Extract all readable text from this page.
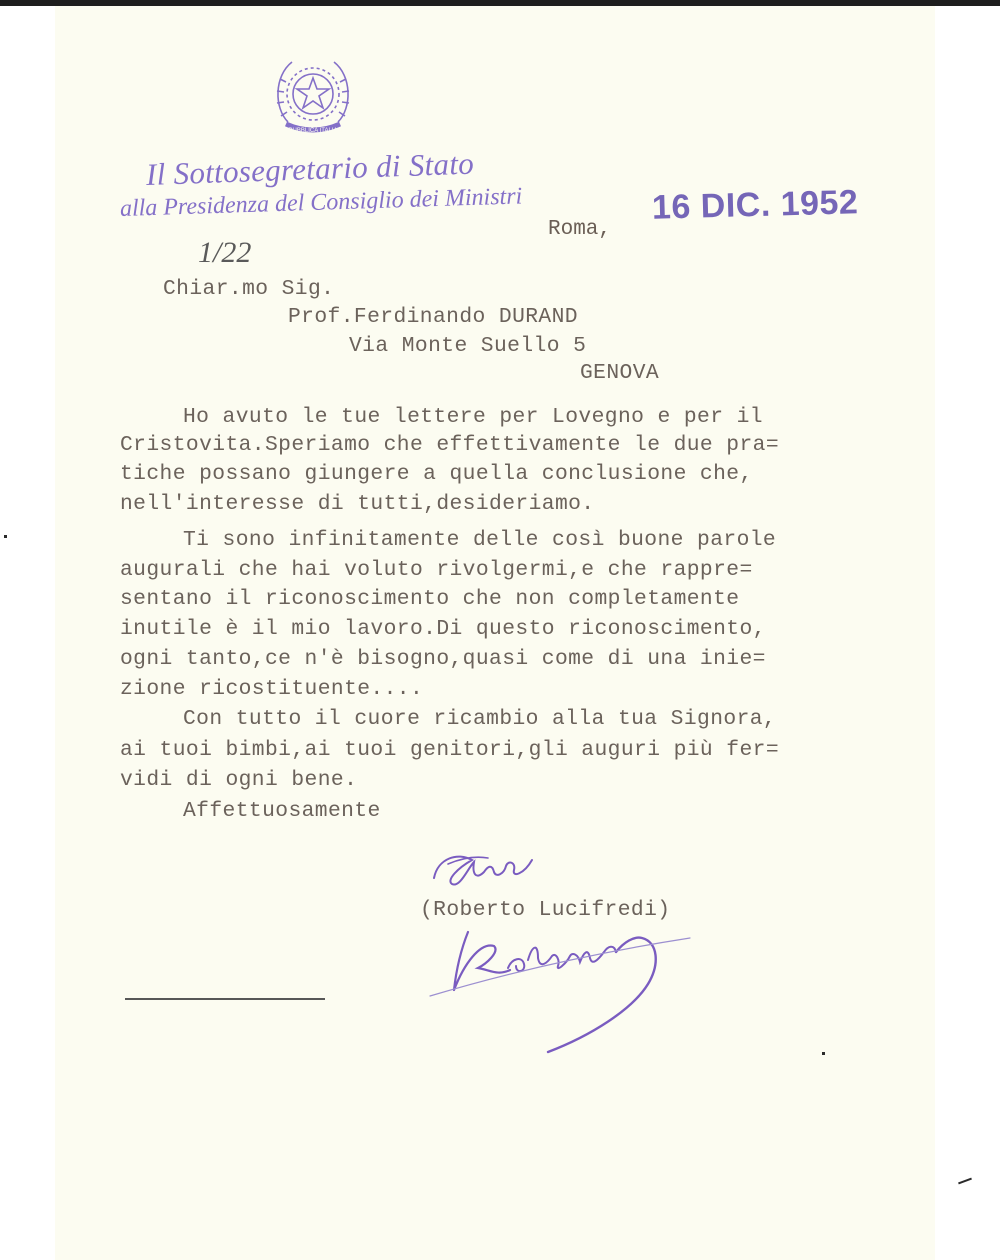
REPUBBLICA ITALIANA
Il Sottosegretario di Stato
alla Presidenza del Consiglio dei Ministri
1/22
Roma,
16 DIC. 1952

Chiar.mo Sig.

Prof.Ferdinando DURAND

Via Monte Suello 5

GENOVA

Ho avuto le tue lettere per Lovegno e per il

Cristovita.Speriamo che effettivamente le due pra=

tiche possano giungere a quella conclusione che,

nell'interesse di tutti,desideriamo.

Ti sono infinitamente delle così buone parole

augurali che hai voluto rivolgermi,e che rappre=

sentano il riconoscimento che non completamente

inutile è il mio lavoro.Di questo riconoscimento,

ogni tanto,ce n'è bisogno,quasi come di una inie=

zione ricostituente....

Con tutto il cuore ricambio alla tua Signora,

ai tuoi bimbi,ai tuoi genitori,gli auguri più fer=

vidi di ogni bene.

Affettuosamente

(Roberto Lucifredi)
